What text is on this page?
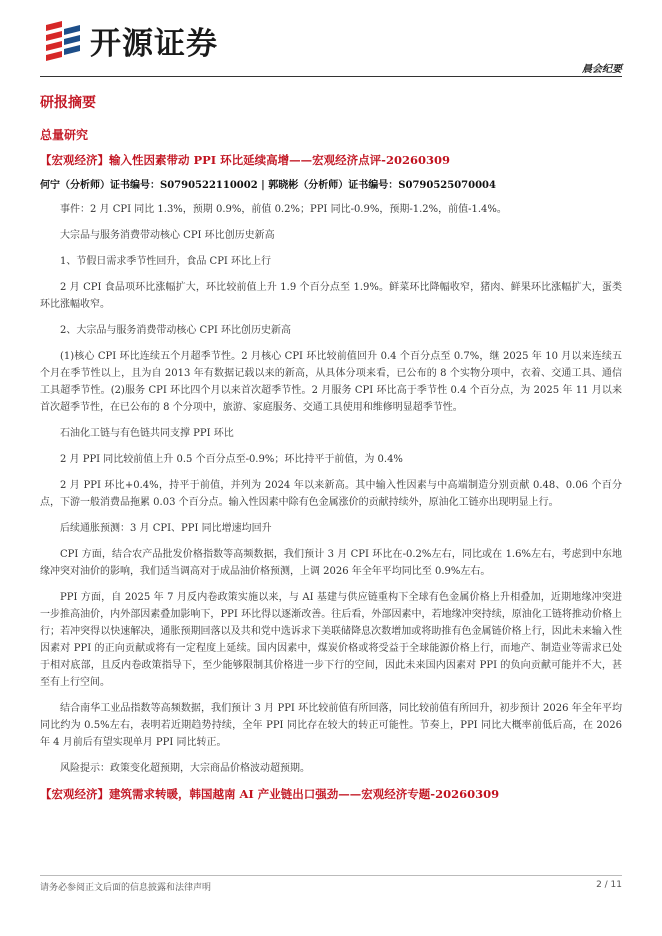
开源证券
晨会纪要
研报摘要
总量研究
【宏观经济】输入性因素带动 PPI 环比延续高增——宏观经济点评-20260309
何宁（分析师）证书编号：S0790522110002 | 郭晓彬（分析师）证书编号：S0790525070004

事件：2 月 CPI 同比 1.3%，预期 0.9%，前值 0.2%；PPI 同比-0.9%，预期-1.2%，前值-1.4%。

大宗品与服务消费带动核心 CPI 环比创历史新高

1、节假日需求季节性回升，食品 CPI 环比上行

2 月 CPI 食品项环比涨幅扩大，环比较前值上升 1.9 个百分点至 1.9%。鲜菜环比降幅收窄，猪肉、鲜果环比涨幅扩大，蛋类环比涨幅收窄。

2、大宗品与服务消费带动核心 CPI 环比创历史新高

(1)核心 CPI 环比连续五个月超季节性。2 月核心 CPI 环比较前值回升 0.4 个百分点至 0.7%，继 2025 年 10 月以来连续五个月在季节性以上，且为自 2013 年有数据记载以来的新高，从具体分项来看，已公布的 8 个实物分项中，衣着、交通工具、通信工具超季节性。(2)服务 CPI 环比四个月以来首次超季节性。2 月服务 CPI 环比高于季节性 0.4 个百分点，为 2025 年 11 月以来首次超季节性，在已公布的 8 个分项中，旅游、家庭服务、交通工具使用和维修明显超季节性。

石油化工链与有色链共同支撑 PPI 环比

2 月 PPI 同比较前值上升 0.5 个百分点至-0.9%；环比持平于前值，为 0.4%

2 月 PPI 环比+0.4%，持平于前值，并列为 2024 年以来新高。其中输入性因素与中高端制造分别贡献 0.48、0.06 个百分点，下游一般消费品拖累 0.03 个百分点。输入性因素中除有色金属涨价的贡献持续外，原油化工链亦出现明显上行。

后续通胀预测：3 月 CPI、PPI 同比增速均回升

CPI 方面，结合农产品批发价格指数等高频数据，我们预计 3 月 CPI 环比在-0.2%左右，同比或在 1.6%左右，考虑到中东地缘冲突对油价的影响，我们适当调高对于成品油价格预测，上调 2026 年全年平均同比至 0.9%左右。

PPI 方面，自 2025 年 7 月反内卷政策实施以来，与 AI 基建与供应链重构下全球有色金属价格上升相叠加，近期地缘冲突进一步推高油价，内外部因素叠加影响下，PPI 环比得以逐渐改善。往后看，外部因素中，若地缘冲突持续，原油化工链将推动价格上行；若冲突得以快速解决，通胀预期回落以及共和党中选诉求下美联储降息次数增加或将助推有色金属链价格上行，因此未来输入性因素对 PPI 的正向贡献或将有一定程度上延续。国内因素中，煤炭价格或将受益于全球能源价格上行，而地产、制造业等需求已处于相对底部，且反内卷政策指导下，至少能够限制其价格进一步下行的空间，因此未来国内因素对 PPI 的负向贡献可能并不大，甚至有上行空间。

结合南华工业品指数等高频数据，我们预计 3 月 PPI 环比较前值有所回落，同比较前值有所回升，初步预计 2026 年全年平均同比约为 0.5%左右，表明若近期趋势持续，全年 PPI 同比存在较大的转正可能性。节奏上，PPI 同比大概率前低后高，在 2026 年 4 月前后有望实现单月 PPI 同比转正。

风险提示：政策变化超预期，大宗商品价格波动超预期。

【宏观经济】建筑需求转暖，韩国越南 AI 产业链出口强劲——宏观经济专题-20260309
请务必参阅正文后面的信息披露和法律声明	2 / 11
